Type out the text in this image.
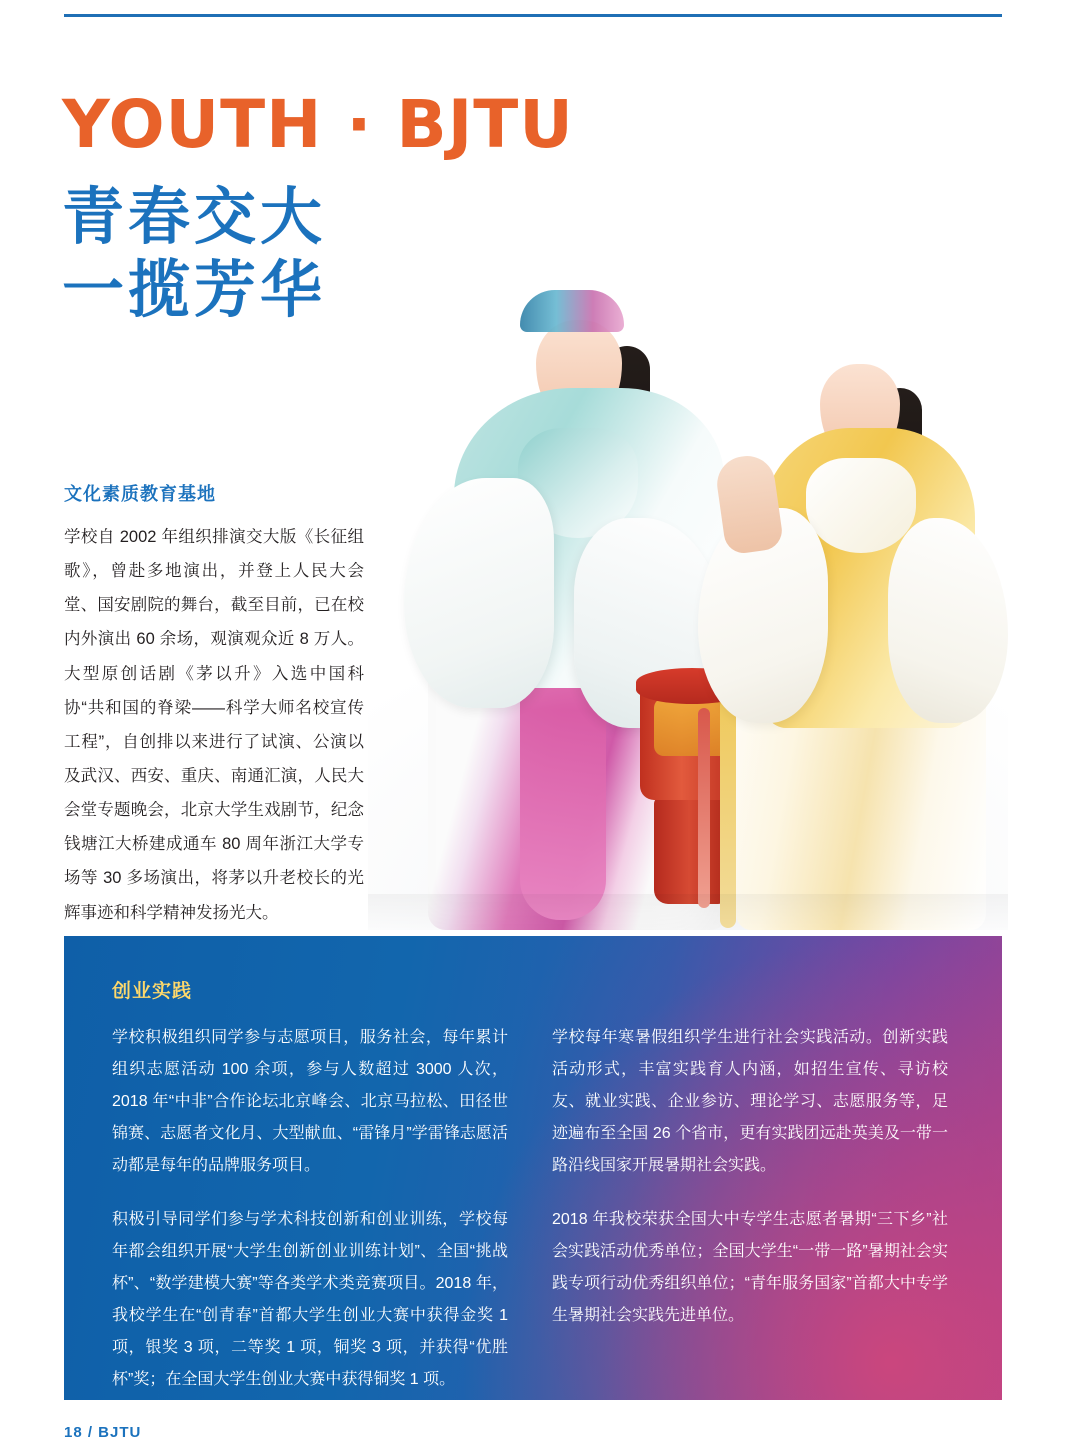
YOUTH · BJTU
青春交大
一揽芳华
文化素质教育基地
学校自 2002 年组织排演交大版《长征组歌》，曾赴多地演出，并登上人民大会堂、国安剧院的舞台，截至目前，已在校内外演出 60 余场，观演观众近 8 万人。大型原创话剧《茅以升》入选中国科协“共和国的脊梁——科学大师名校宣传工程”，自创排以来进行了试演、公演以及武汉、西安、重庆、南通汇演，人民大会堂专题晚会，北京大学生戏剧节，纪念钱塘江大桥建成通车 80 周年浙江大学专场等 30 多场演出，将茅以升老校长的光辉事迹和科学精神发扬光大。
创业实践

学校积极组织同学参与志愿项目，服务社会，每年累计组织志愿活动 100 余项，参与人数超过 3000 人次，2018 年“中非”合作论坛北京峰会、北京马拉松、田径世锦赛、志愿者文化月、大型献血、“雷锋月”学雷锋志愿活动都是每年的品牌服务项目。

积极引导同学们参与学术科技创新和创业训练，学校每年都会组织开展“大学生创新创业训练计划”、全国“挑战杯”、“数学建模大赛”等各类学术类竞赛项目。2018 年，我校学生在“创青春”首都大学生创业大赛中获得金奖 1 项，银奖 3 项，二等奖 1 项，铜奖 3 项，并获得“优胜杯”奖；在全国大学生创业大赛中获得铜奖 1 项。

学校每年寒暑假组织学生进行社会实践活动。创新实践活动形式，丰富实践育人内涵，如招生宣传、寻访校友、就业实践、企业参访、理论学习、志愿服务等，足迹遍布至全国 26 个省市，更有实践团远赴英美及一带一路沿线国家开展暑期社会实践。

2018 年我校荣获全国大中专学生志愿者暑期“三下乡”社会实践活动优秀单位；全国大学生“一带一路”暑期社会实践专项行动优秀组织单位；“青年服务国家”首都大中专学生暑期社会实践先进单位。

18 / BJTU
